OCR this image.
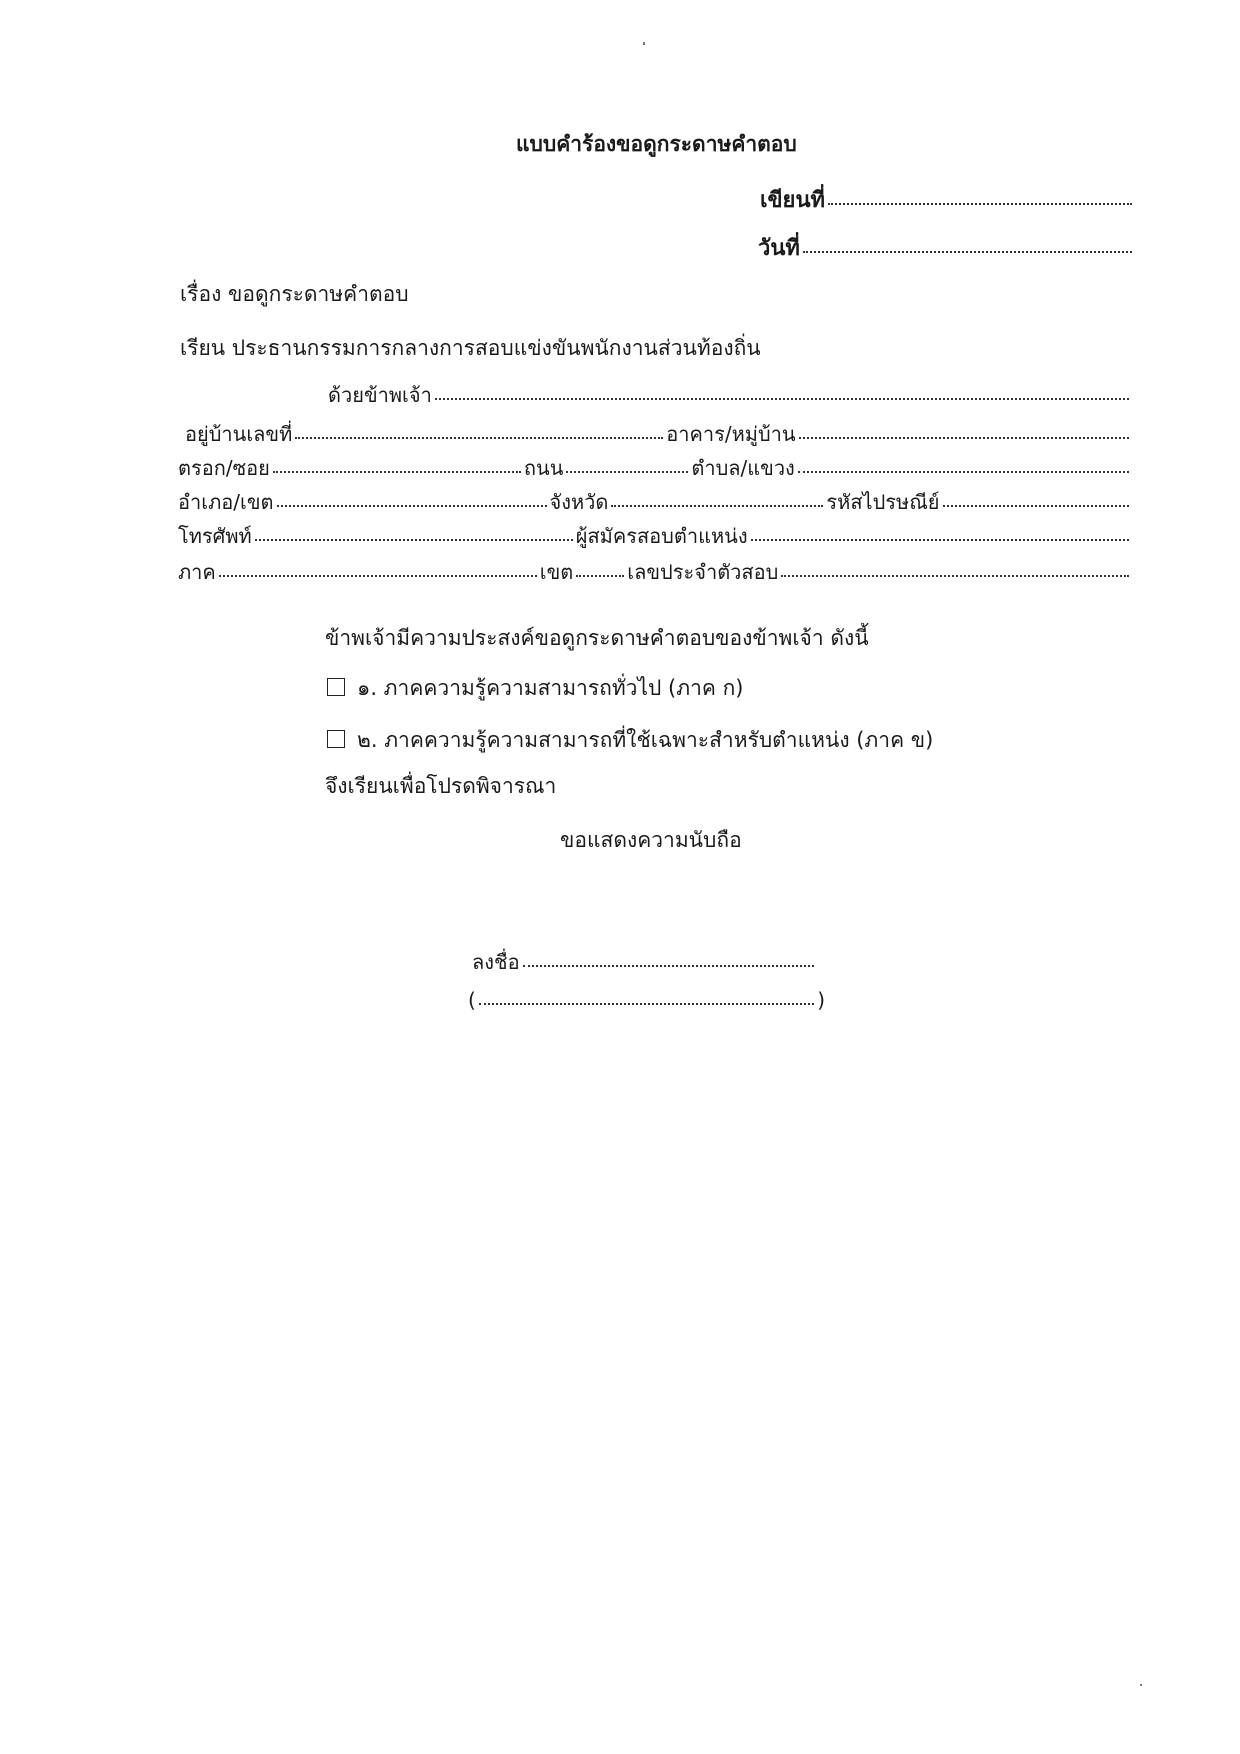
แบบคำร้องขอดูกระดาษคำตอบ
เขียนที่
วันที่
เรื่อง ขอดูกระดาษคำตอบ
เรียน ประธานกรรมการกลางการสอบแข่งขันพนักงานส่วนท้องถิ่น
ด้วยข้าพเจ้า
อยู่บ้านเลขที่	อาคาร/หมู่บ้าน
ตรอก/ซอย	ถนน	ตำบล/แขวง
อำเภอ/เขต	จังหวัด	รหัสไปรษณีย์
โทรศัพท์	ผู้สมัครสอบตำแหน่ง
ภาค	เขต	เลขประจำตัวสอบ
ข้าพเจ้ามีความประสงค์ขอดูกระดาษคำตอบของข้าพเจ้า ดังนี้
๑. ภาคความรู้ความสามารถทั่วไป (ภาค ก)
๒. ภาคความรู้ความสามารถที่ใช้เฉพาะสำหรับตำแหน่ง (ภาค ข)
จึงเรียนเพื่อโปรดพิจารณา
ขอแสดงความนับถือ
ลงชื่อ
(	)
